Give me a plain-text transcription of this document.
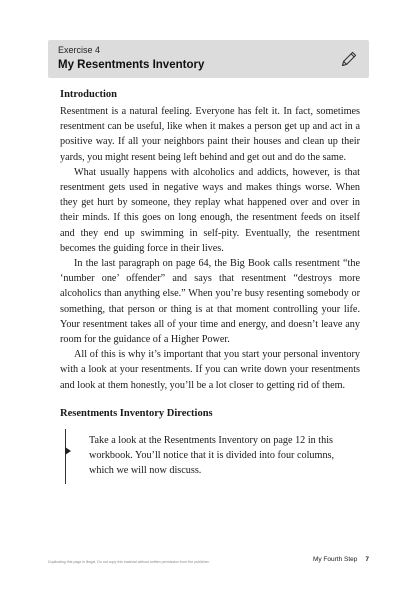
Exercise 4
My Resentments Inventory
Introduction

Resentment is a natural feeling. Everyone has felt it. In fact, sometimes resentment can be useful, like when it makes a person get up and act in a positive way. If all your neighbors paint their houses and clean up their yards, you might resent being left behind and get out and do the same.

What usually happens with alcoholics and addicts, however, is that resentment gets used in negative ways and makes things worse. When they get hurt by someone, they replay what happened over and over in their minds. If this goes on long enough, the resentment feeds on itself and they end up swimming in self-pity. Eventually, the resentment becomes the guiding force in their lives.

In the last paragraph on page 64, the Big Book calls resentment “the ‘number one’ offender” and says that resentment “destroys more alcoholics than anything else.” When you’re busy resenting somebody or something, that person or thing is at that moment controlling your life. Your resentment takes all of your time and energy, and doesn’t leave any room for the guidance of a Higher Power.

All of this is why it’s important that you start your personal inventory with a look at your resentments. If you can write down your resentments and look at them honestly, you’ll be a lot closer to getting rid of them.

Resentments Inventory Directions

Take a look at the Resentments Inventory on page 12 in this workbook. You’ll notice that it is divided into four columns, which we will now discuss.

Duplicating this page is illegal. Do not copy this material without written permission from the publisher.	My Fourth Step 7
